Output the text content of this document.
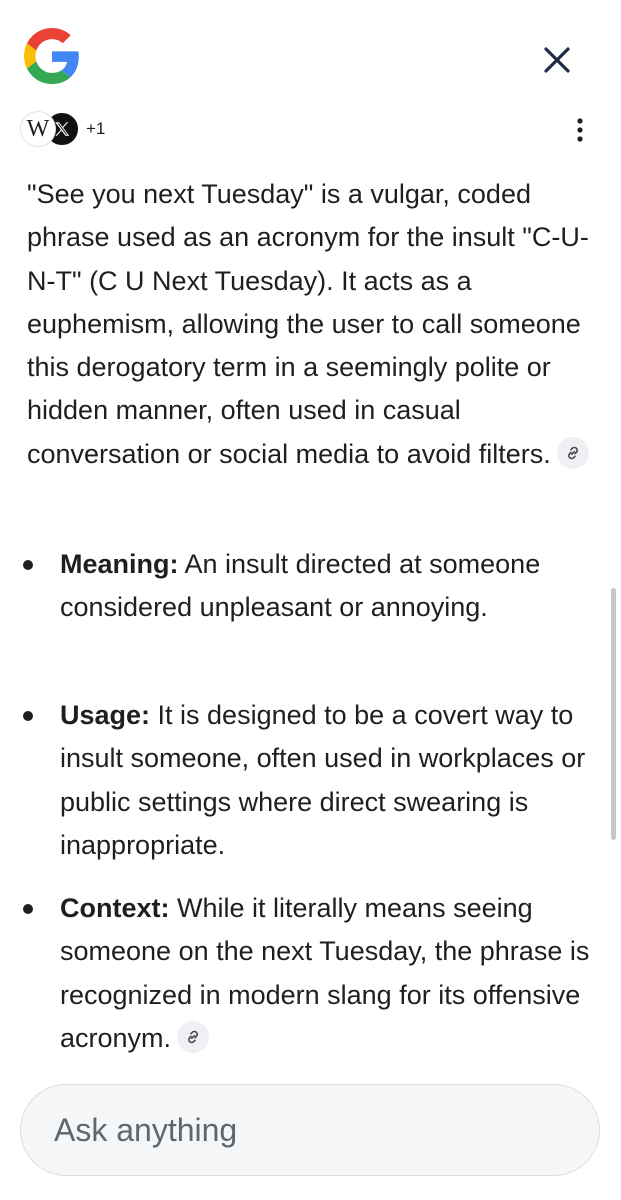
W +1

"See you next Tuesday" is a vulgar, coded phrase used as an acronym for the insult "C-U-N-T" (C U Next Tuesday). It acts as a euphemism, allowing the user to call someone this derogatory term in a seemingly polite or hidden manner, often used in casual conversation or social media to avoid filters.

Meaning: An insult directed at someone considered unpleasant or annoying.
Usage: It is designed to be a covert way to insult someone, often used in workplaces or public settings where direct swearing is inappropriate.
Context: While it literally means seeing someone on the next Tuesday, the phrase is recognized in modern slang for its offensive acronym.
Ask anything
